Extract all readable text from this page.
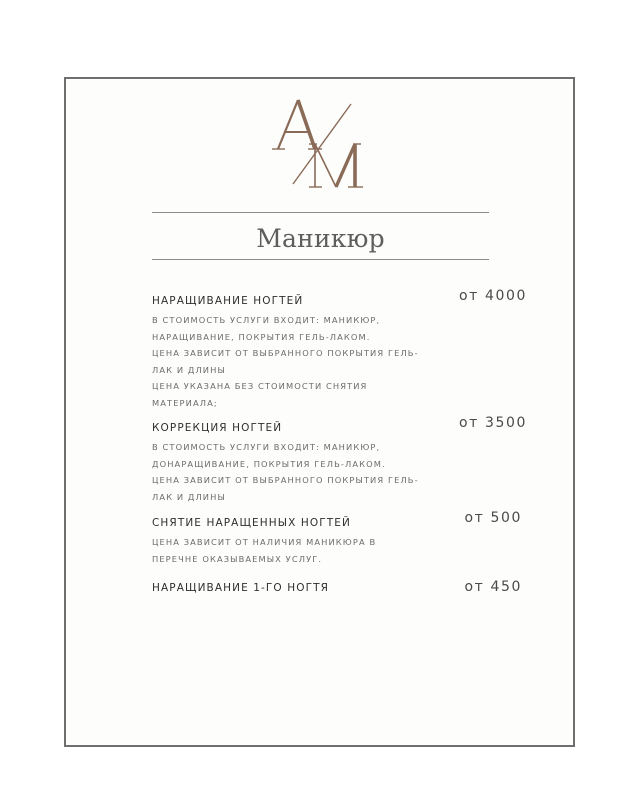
Маникюр
НАРАЩИВАНИЕ НОГТЕЙ	от 4000
В СТОИМОСТЬ УСЛУГИ ВХОДИТ: МАНИКЮР,
НАРАЩИВАНИЕ, ПОКРЫТИЯ ГЕЛЬ-ЛАКОМ.
ЦЕНА ЗАВИСИТ ОТ ВЫБРАННОГО ПОКРЫТИЯ ГЕЛЬ-
ЛАК И ДЛИНЫ
ЦЕНА УКАЗАНА БЕЗ СТОИМОСТИ СНЯТИЯ
МАТЕРИАЛА;
КОРРЕКЦИЯ НОГТЕЙ	от 3500
В СТОИМОСТЬ УСЛУГИ ВХОДИТ: МАНИКЮР,
ДОНАРАЩИВАНИЕ, ПОКРЫТИЯ ГЕЛЬ-ЛАКОМ.
ЦЕНА ЗАВИСИТ ОТ ВЫБРАННОГО ПОКРЫТИЯ ГЕЛЬ-
ЛАК И ДЛИНЫ
СНЯТИЕ НАРАЩЕННЫХ НОГТЕЙ	от 500
ЦЕНА ЗАВИСИТ ОТ НАЛИЧИЯ МАНИКЮРА В
ПЕРЕЧНЕ ОКАЗЫВАЕМЫХ УСЛУГ.
НАРАЩИВАНИЕ 1-ГО НОГТЯ	от 450
